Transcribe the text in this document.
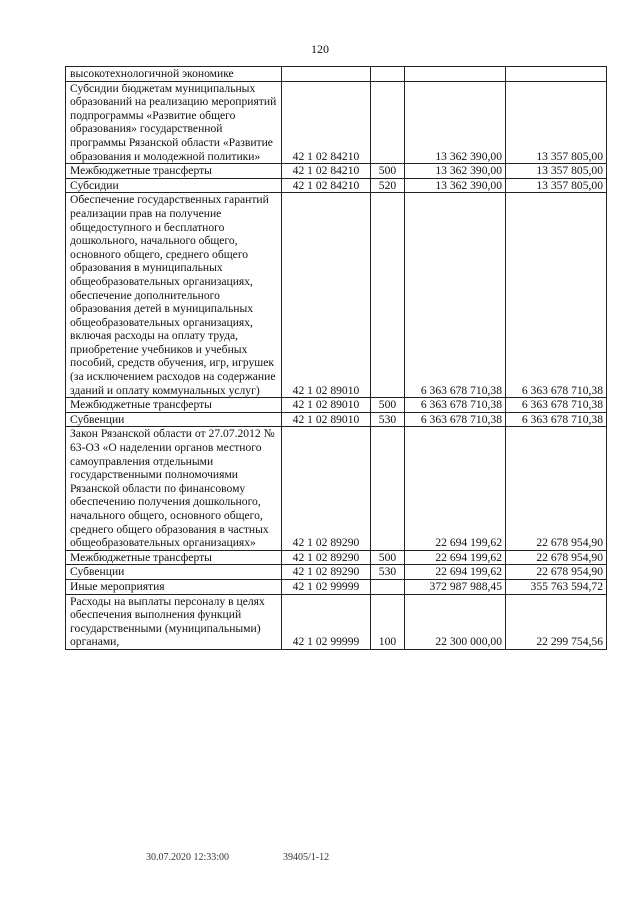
120
высокотехнологичной экономике				
Субсидии бюджетам муниципальных образований на реализацию мероприятий подпрограммы «Развитие общего образования» государственной программы Рязанской области «Развитие образования и молодежной политики»	42 1 02 84210		13 362 390,00	13 357 805,00
Межбюджетные трансферты	42 1 02 84210	500	13 362 390,00	13 357 805,00
Субсидии	42 1 02 84210	520	13 362 390,00	13 357 805,00
Обеспечение государственных гарантий реализации прав на получение общедоступного и бесплатного дошкольного, начального общего, основного общего, среднего общего образования в муниципальных общеобразовательных организациях, обеспечение дополнительного образования детей в муниципальных общеобразовательных организациях, включая расходы на оплату труда, приобретение учебников и учебных пособий, средств обучения, игр, игрушек (за исключением расходов на содержание зданий и оплату коммунальных услуг)	42 1 02 89010		6 363 678 710,38	6 363 678 710,38
Межбюджетные трансферты	42 1 02 89010	500	6 363 678 710,38	6 363 678 710,38
Субвенции	42 1 02 89010	530	6 363 678 710,38	6 363 678 710,38
Закон Рязанской области от 27.07.2012 № 63-ОЗ «О наделении органов местного самоуправления отдельными государственными полномочиями Рязанской области по финансовому обеспечению получения дошкольного, начального общего, основного общего, среднего общего образования в частных общеобразовательных организациях»	42 1 02 89290		22 694 199,62	22 678 954,90
Межбюджетные трансферты	42 1 02 89290	500	22 694 199,62	22 678 954,90
Субвенции	42 1 02 89290	530	22 694 199,62	22 678 954,90
Иные мероприятия	42 1 02 99999		372 987 988,45	355 763 594,72
Расходы на выплаты персоналу в целях обеспечения выполнения функций государственными (муниципальными) органами,	42 1 02 99999	100	22 300 000,00	22 299 754,56
30.07.2020 12:33:00	39405/1-12
